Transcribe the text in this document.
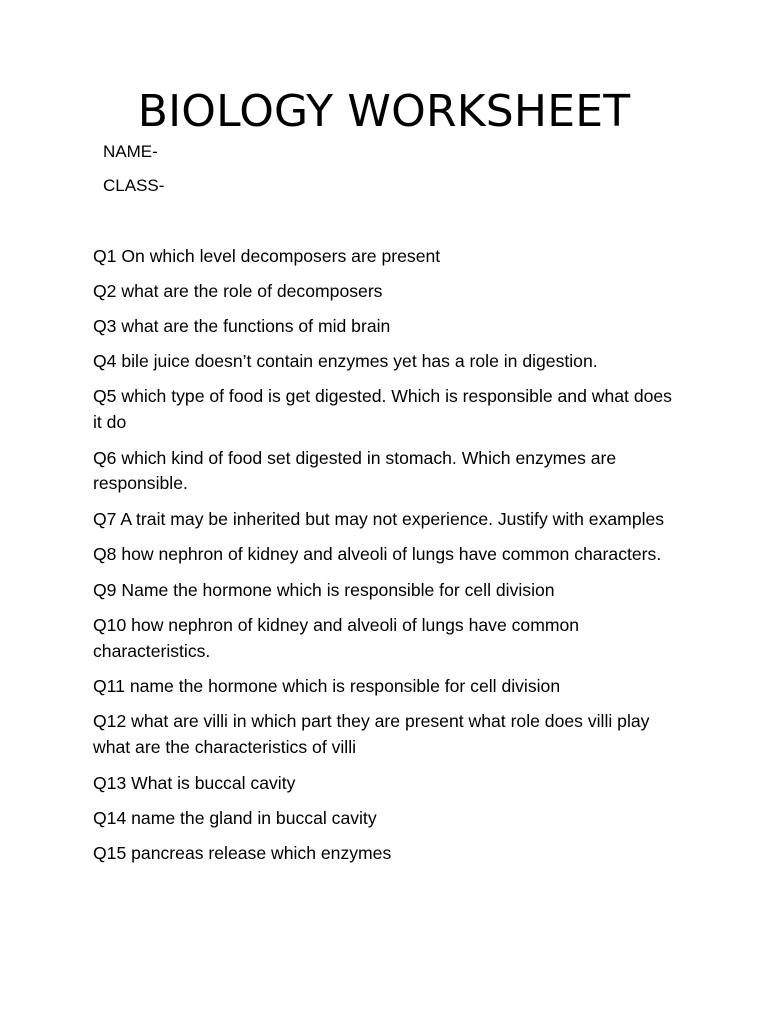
BIOLOGY WORKSHEET

NAME-

CLASS-

Q1 On which level decomposers are present
Q2 what are the role of decomposers
Q3 what are the functions of mid brain
Q4 bile juice doesn’t contain enzymes yet has a role in digestion.
Q5 which type of food is get digested. Which is responsible and what does it do
Q6 which kind of food set digested in stomach. Which enzymes are responsible.
Q7 A trait may be inherited but may not experience. Justify with examples
Q8 how nephron of kidney and alveoli of lungs have common characters.
Q9 Name the hormone which is responsible for cell division
Q10 how nephron of kidney and alveoli of lungs have common characteristics.
Q11 name the hormone which is responsible for cell division
Q12 what are villi in which part they are present what role does villi play what are the characteristics of villi
Q13 What is buccal cavity
Q14 name the gland in buccal cavity
Q15 pancreas release which enzymes
